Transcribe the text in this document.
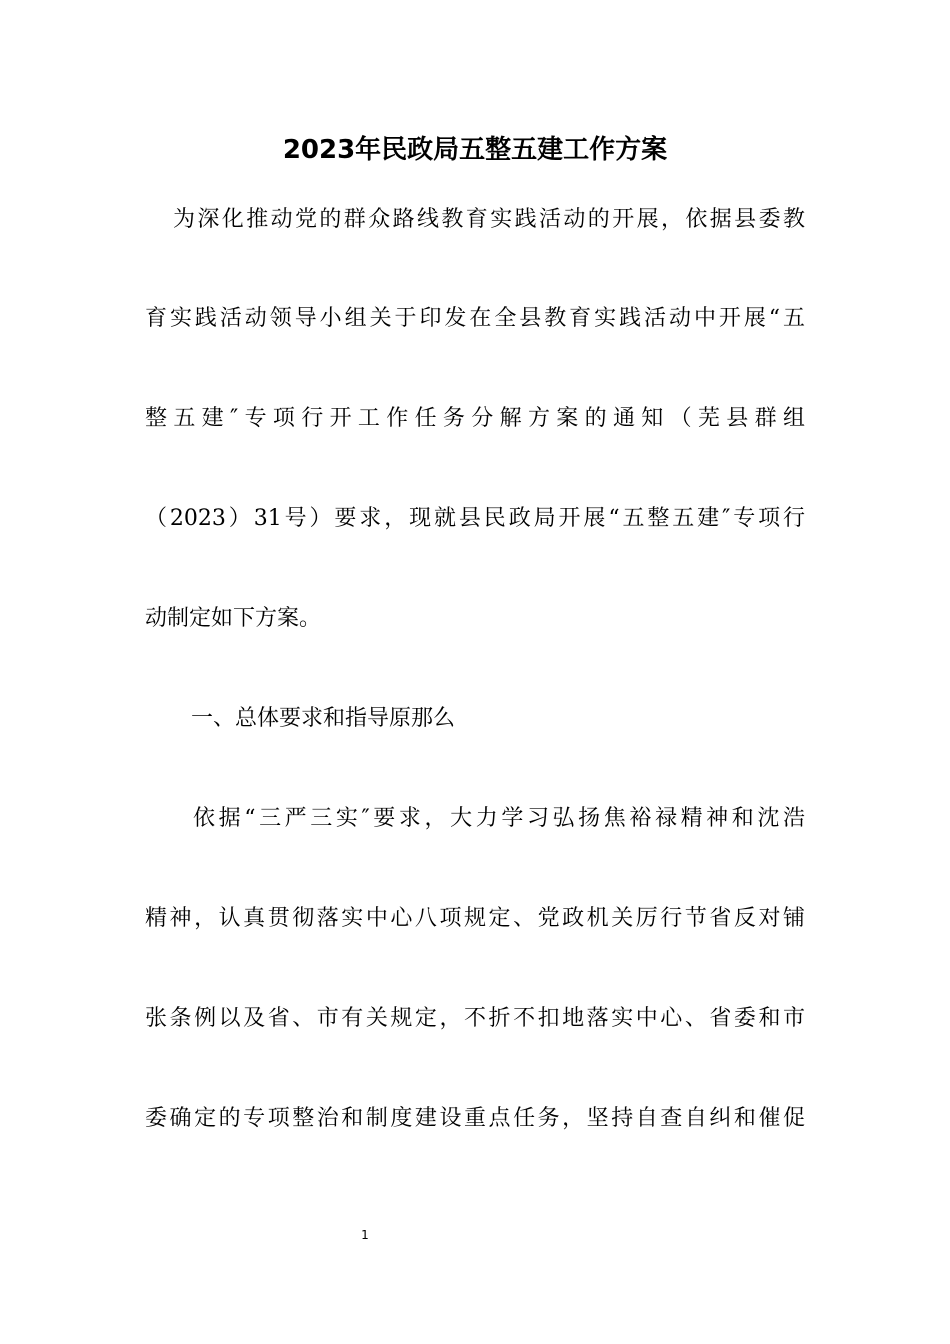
2023年民政局五整五建工作方案
为深化推动党的群众路线教育实践活动的开展，依据县委教
育实践活动领导小组关于印发在全县教育实践活动中开展“五
整五建″专项行开工作任务分解方案的通知（芜县群组
（2023）31号）要求，现就县民政局开展“五整五建″专项行
动制定如下方案。
一、总体要求和指导原那么
依据“三严三实″要求，大力学习弘扬焦裕禄精神和沈浩
精神，认真贯彻落实中心八项规定、党政机关厉行节省反对铺
张条例以及省、市有关规定，不折不扣地落实中心、省委和市
委确定的专项整治和制度建设重点任务，坚持自查自纠和催促
1
